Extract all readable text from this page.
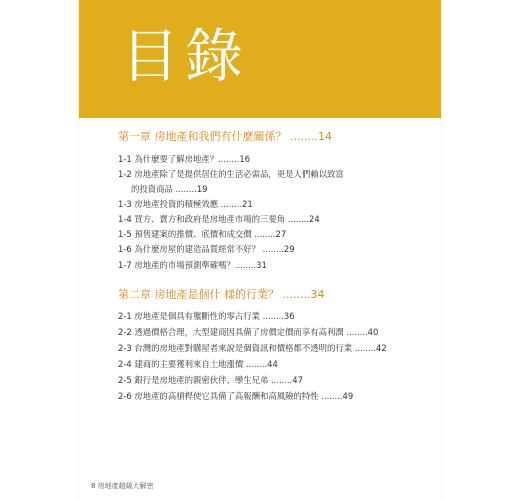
目錄
第一章 房地產和我們有什麼關係？ ........14
1-1 為什麼要了解房地產？........16
1-2 房地產除了是提供居住的生活必需品，更是人們賴以致富
的投資商品 ........19
1-3 房地產投資的積極效應 ........21
1-4 買方、賣方和政府是房地產市場的三要角 ........24
1-5 預售建案的推價、底價和成交價 ........27
1-6 為什麼房屋的建造品質經常不好？ ........29
1-7 房地產的市場預測準確嗎？........31
第二章 房地產是個什 樣的行業？ ........34
2-1 房地產是個具有壟斷性的零占行業 ........36
2-2 透過價格合理，大型建商因具備了房價定價而享有高利潤 ........40
2-3 台灣的房地產對購屋者來說是個資訊和價格都不透明的行業 ........42
2-4 建商的主要獲利來自土地漲價 ........44
2-5 銀行是房地產的親密伙伴、孿生兄弟 ........47
2-6 房地產的高槓桿使它具備了高報酬和高風險的特性 ........49
8 房地產超級大解密
